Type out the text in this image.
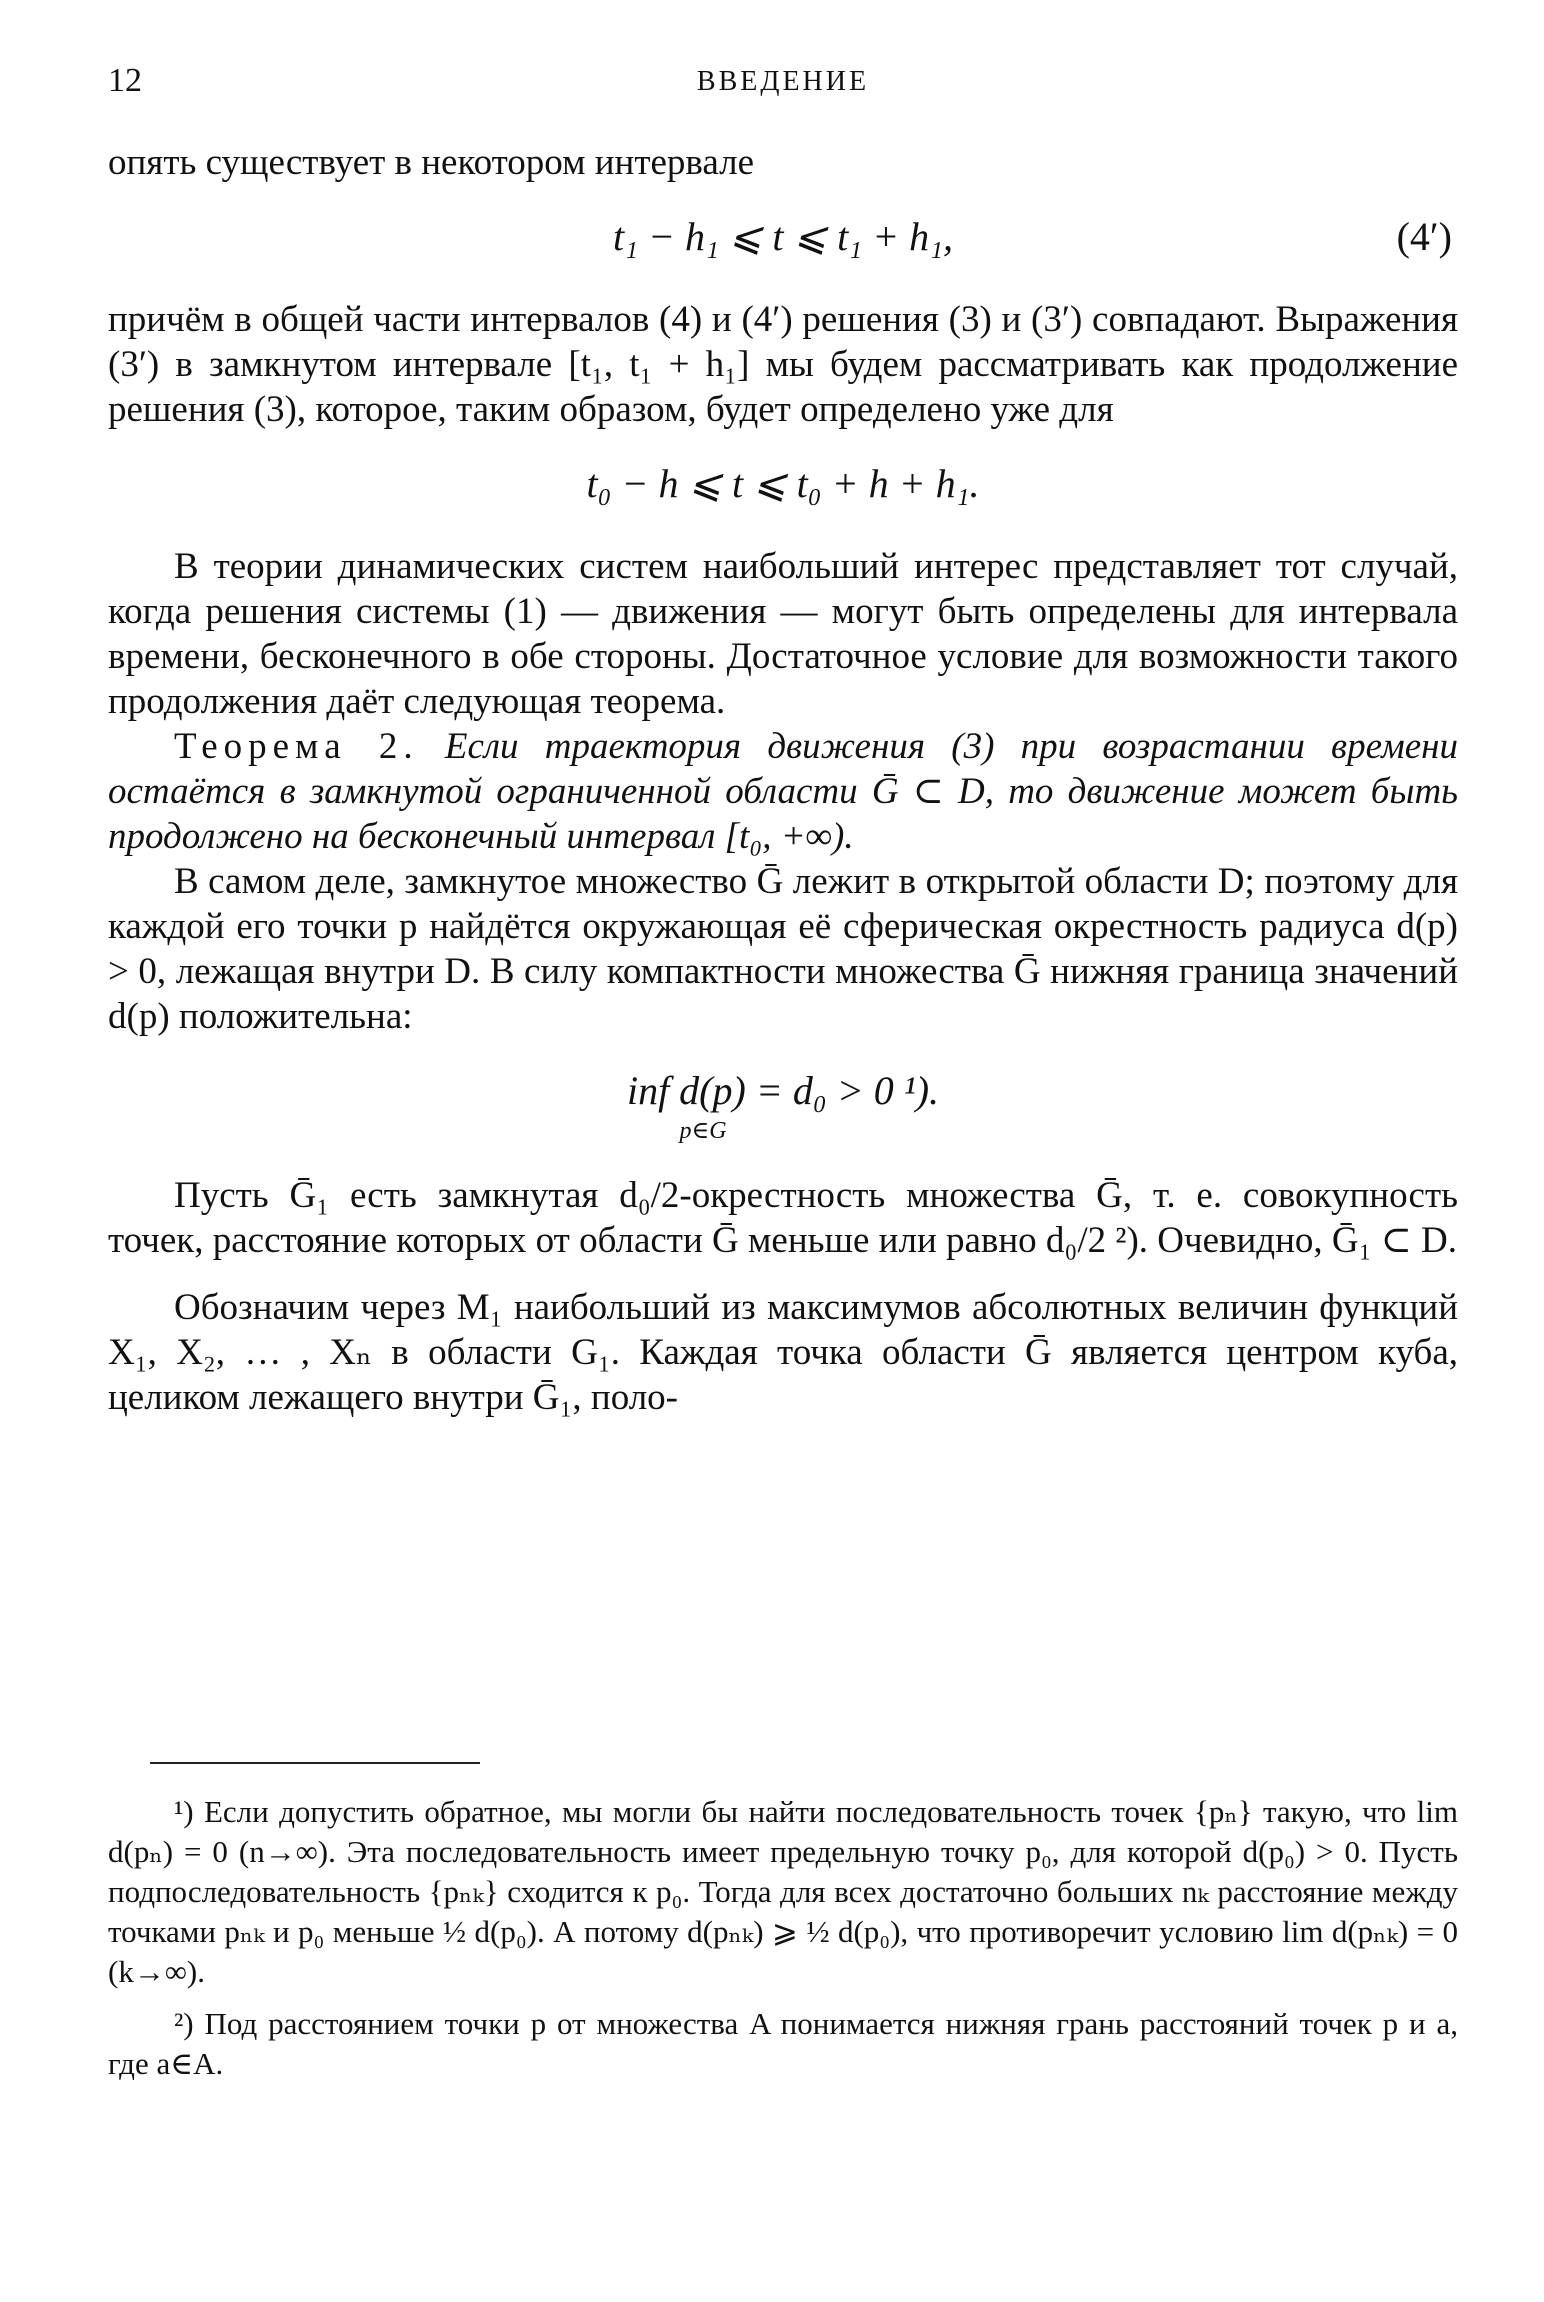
12	ВВЕДЕНИЕ

опять существует в некотором интервале

t₁ − h₁ ⩽ t ⩽ t₁ + h₁,	(4′)

причём в общей части интервалов (4) и (4′) решения (3) и (3′) совпадают. Выражения (3′) в замкнутом интервале [t₁, t₁ + h₁] мы будем рассматривать как продолжение решения (3), которое, таким образом, будет определено уже для

t₀ − h ⩽ t ⩽ t₀ + h + h₁.

В теории динамических систем наибольший интерес представляет тот случай, когда решения системы (1) — движения — могут быть определены для интервала времени, бесконечного в обе стороны. Достаточное условие для возможности такого продолжения даёт следующая теорема.

Теорема 2. Если траектория движения (3) при возрастании времени остаётся в замкнутой ограниченной области Ḡ ⊂ D, то движение может быть продолжено на бесконечный интервал [t₀, +∞).

В самом деле, замкнутое множество Ḡ лежит в открытой области D; поэтому для каждой его точки p найдётся окружающая её сферическая окрестность радиуса d(p) > 0, лежащая внутри D. В силу компактности множества Ḡ нижняя граница значений d(p) положительна:

inf d(p) = d₀ > 0 ¹).
p∈G

Пусть Ḡ₁ есть замкнутая d₀/2-окрестность множества Ḡ, т. е. совокупность точек, расстояние которых от области Ḡ меньше или равно d₀/2 ²). Очевидно, Ḡ₁ ⊂ D.

Обозначим через M₁ наибольший из максимумов абсолютных величин функций X₁, X₂, … , Xₙ в области G₁. Каждая точка области Ḡ является центром куба, целиком лежащего внутри Ḡ₁, поло-

¹) Если допустить обратное, мы могли бы найти последовательность точек {pₙ} такую, что lim d(pₙ) = 0 (n→∞). Эта последовательность имеет предельную точку p₀, для которой d(p₀) > 0. Пусть подпоследовательность {pₙₖ} сходится к p₀. Тогда для всех достаточно больших nₖ расстояние между точками pₙₖ и p₀ меньше ½ d(p₀). А потому d(pₙₖ) ⩾ ½ d(p₀), что противоречит условию lim d(pₙₖ) = 0 (k→∞).

²) Под расстоянием точки p от множества A понимается нижняя грань расстояний точек p и a, где a∈A.
